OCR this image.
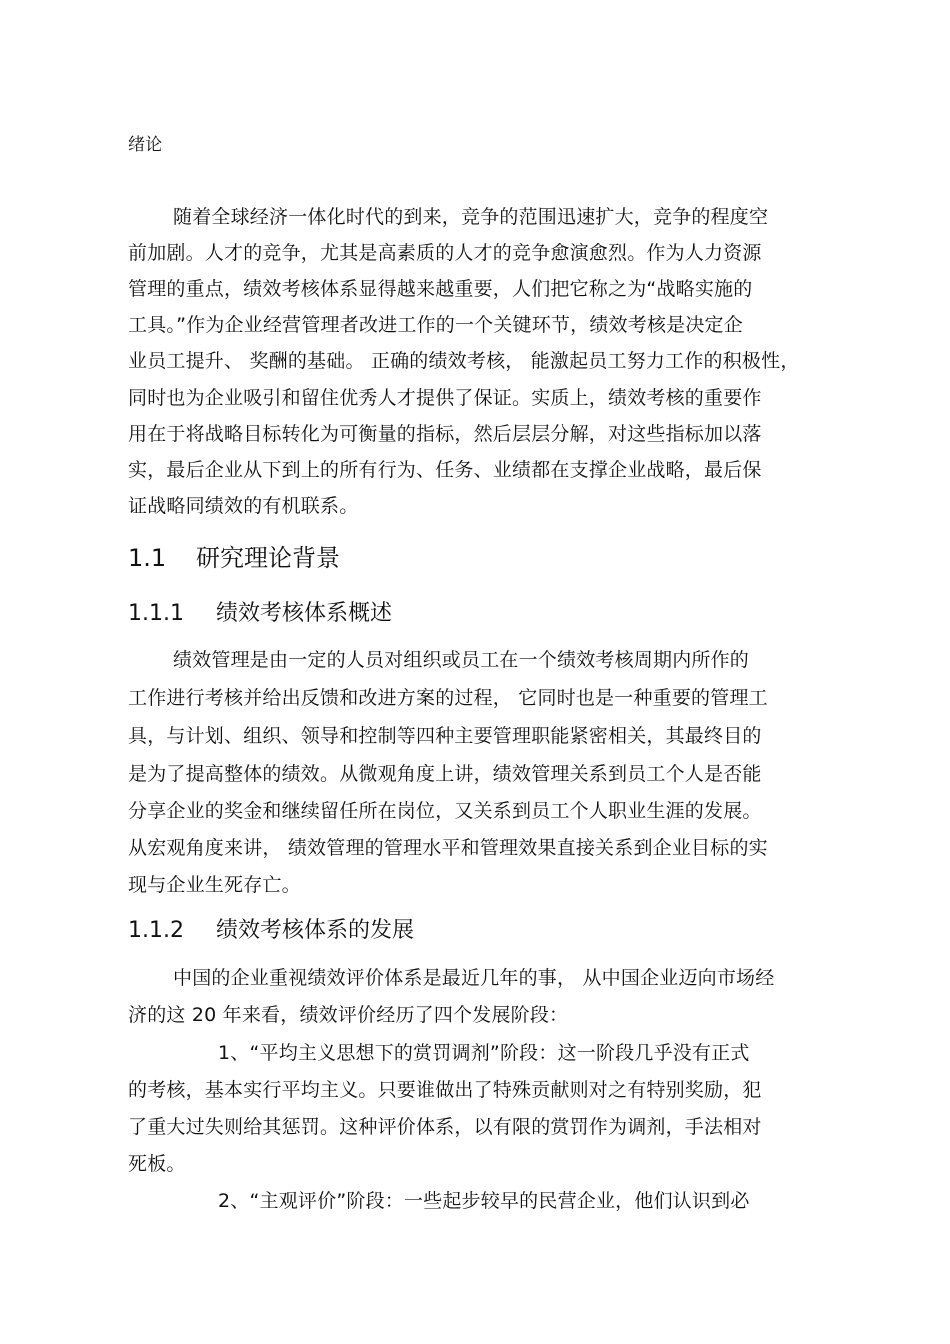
绪论
随着全球经济一体化时代的到来，竞争的范围迅速扩大，竞争的程度空
前加剧。人才的竞争，尤其是高素质的人才的竞争愈演愈烈。作为人力资源
管理的重点，绩效考核体系显得越来越重要，人们把它称之为“战略实施的
工具。”作为企业经营管理者改进工作的一个关键环节，绩效考核是决定企
业员工提升、 奖酬的基础。 正确的绩效考核， 能激起员工努力工作的积极性，
同时也为企业吸引和留住优秀人才提供了保证。实质上，绩效考核的重要作
用在于将战略目标转化为可衡量的指标，然后层层分解，对这些指标加以落
实，最后企业从下到上的所有行为、任务、业绩都在支撑企业战略，最后保
证战略同绩效的有机联系。
1.1 研究理论背景
1.1.1 绩效考核体系概述
绩效管理是由一定的人员对组织或员工在一个绩效考核周期内所作的
工作进行考核并给出反馈和改进方案的过程， 它同时也是一种重要的管理工
具，与计划、组织、领导和控制等四种主要管理职能紧密相关，其最终目的
是为了提高整体的绩效。从微观角度上讲，绩效管理关系到员工个人是否能
分享企业的奖金和继续留任所在岗位，又关系到员工个人职业生涯的发展。
从宏观角度来讲， 绩效管理的管理水平和管理效果直接关系到企业目标的实
现与企业生死存亡。
1.1.2 绩效考核体系的发展
中国的企业重视绩效评价体系是最近几年的事， 从中国企业迈向市场经
济的这 20 年来看，绩效评价经历了四个发展阶段：
1、“平均主义思想下的赏罚调剂”阶段：这一阶段几乎没有正式
的考核，基本实行平均主义。只要谁做出了特殊贡献则对之有特别奖励，犯
了重大过失则给其惩罚。这种评价体系，以有限的赏罚作为调剂，手法相对
死板。
2、“主观评价”阶段：一些起步较早的民营企业，他们认识到必
